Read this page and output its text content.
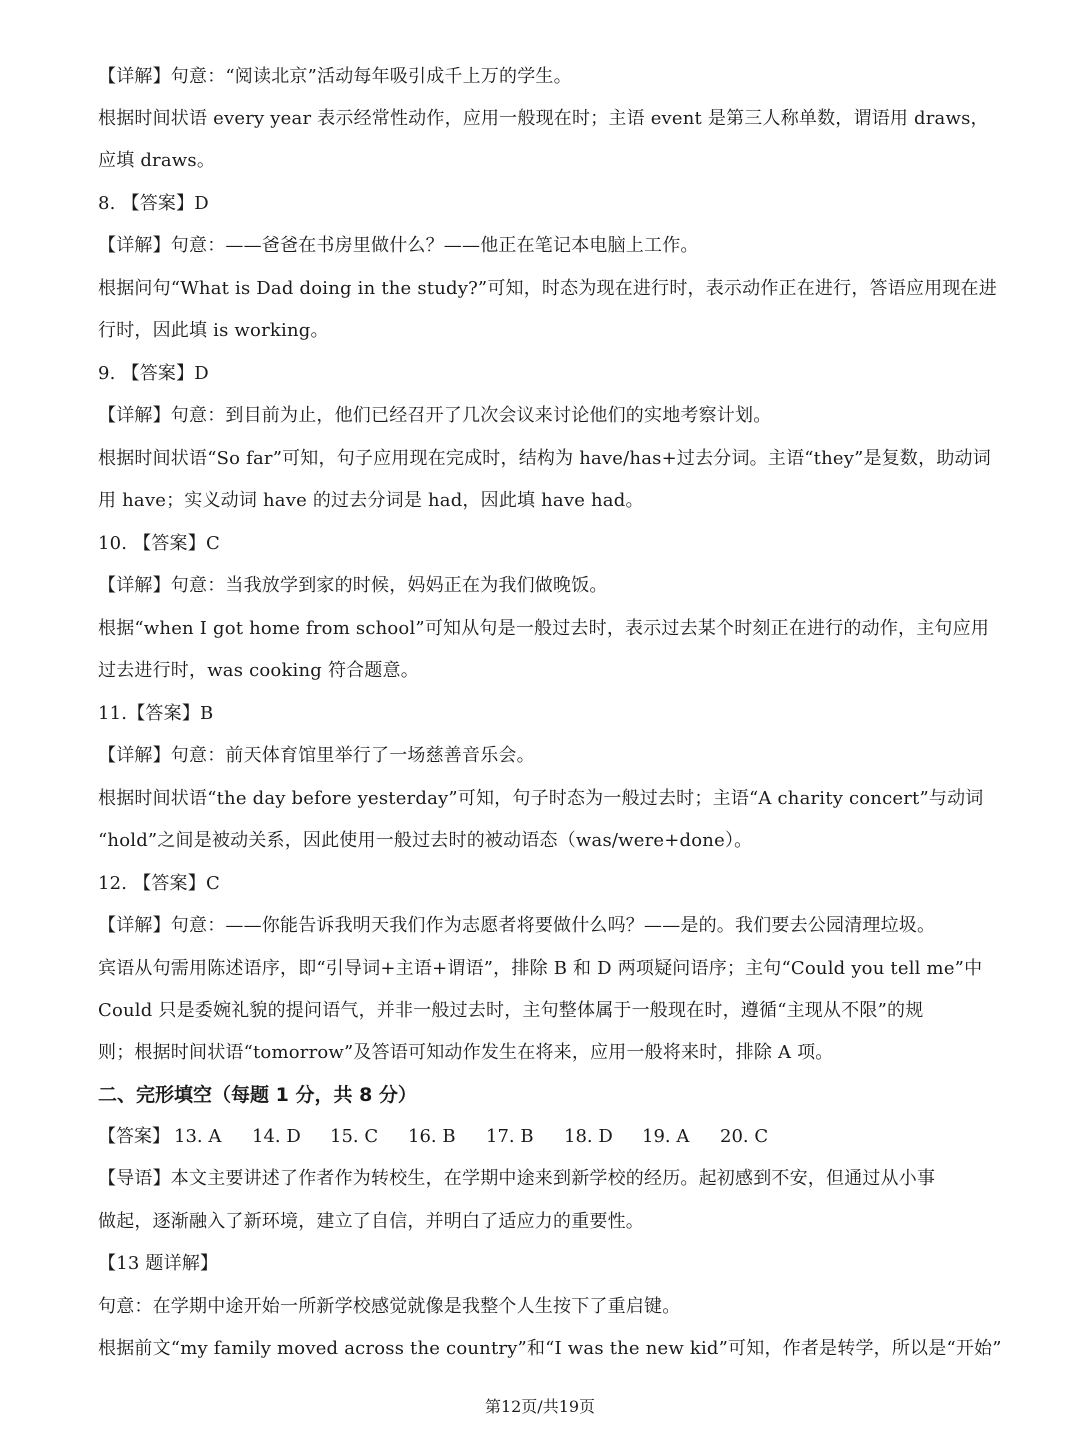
【详解】句意：“阅读北京”活动每年吸引成千上万的学生。
根据时间状语 every year 表示经常性动作，应用一般现在时；主语 event 是第三人称单数，谓语用 draws，
应填 draws。
8. 【答案】D
【详解】句意：——爸爸在书房里做什么？——他正在笔记本电脑上工作。
根据问句“What is Dad doing in the study?”可知，时态为现在进行时，表示动作正在进行，答语应用现在进
行时，因此填 is working。
9. 【答案】D
【详解】句意：到目前为止，他们已经召开了几次会议来讨论他们的实地考察计划。
根据时间状语“So far”可知，句子应用现在完成时，结构为 have/has+过去分词。主语“they”是复数，助动词
用 have；实义动词 have 的过去分词是 had，因此填 have had。
10. 【答案】C
【详解】句意：当我放学到家的时候，妈妈正在为我们做晚饭。
根据“when I got home from school”可知从句是一般过去时，表示过去某个时刻正在进行的动作，主句应用
过去进行时，was cooking 符合题意。
11.【答案】B
【详解】句意：前天体育馆里举行了一场慈善音乐会。
根据时间状语“the day before yesterday”可知，句子时态为一般过去时；主语“A charity concert”与动词
“hold”之间是被动关系，因此使用一般过去时的被动语态（was/were+done）。
12. 【答案】C
【详解】句意：——你能告诉我明天我们作为志愿者将要做什么吗？——是的。我们要去公园清理垃圾。
宾语从句需用陈述语序，即“引导词+主语+谓语”，排除 B 和 D 两项疑问语序；主句“Could you tell me”中
Could 只是委婉礼貌的提问语气，并非一般过去时，主句整体属于一般现在时，遵循“主现从不限”的规
则；根据时间状语“tomorrow”及答语可知动作发生在将来，应用一般将来时，排除 A 项。
二、完形填空（每题 1 分，共 8 分）
【答案】 13. A	14. D	15. C	16. B	17. B	18. D	19. A	20. C
【导语】本文主要讲述了作者作为转校生，在学期中途来到新学校的经历。起初感到不安，但通过从小事
做起，逐渐融入了新环境，建立了自信，并明白了适应力的重要性。
【13 题详解】
句意：在学期中途开始一所新学校感觉就像是我整个人生按下了重启键。
根据前文“my family moved across the country”和“I was the new kid”可知，作者是转学，所以是“开始”
第12页/共19页
